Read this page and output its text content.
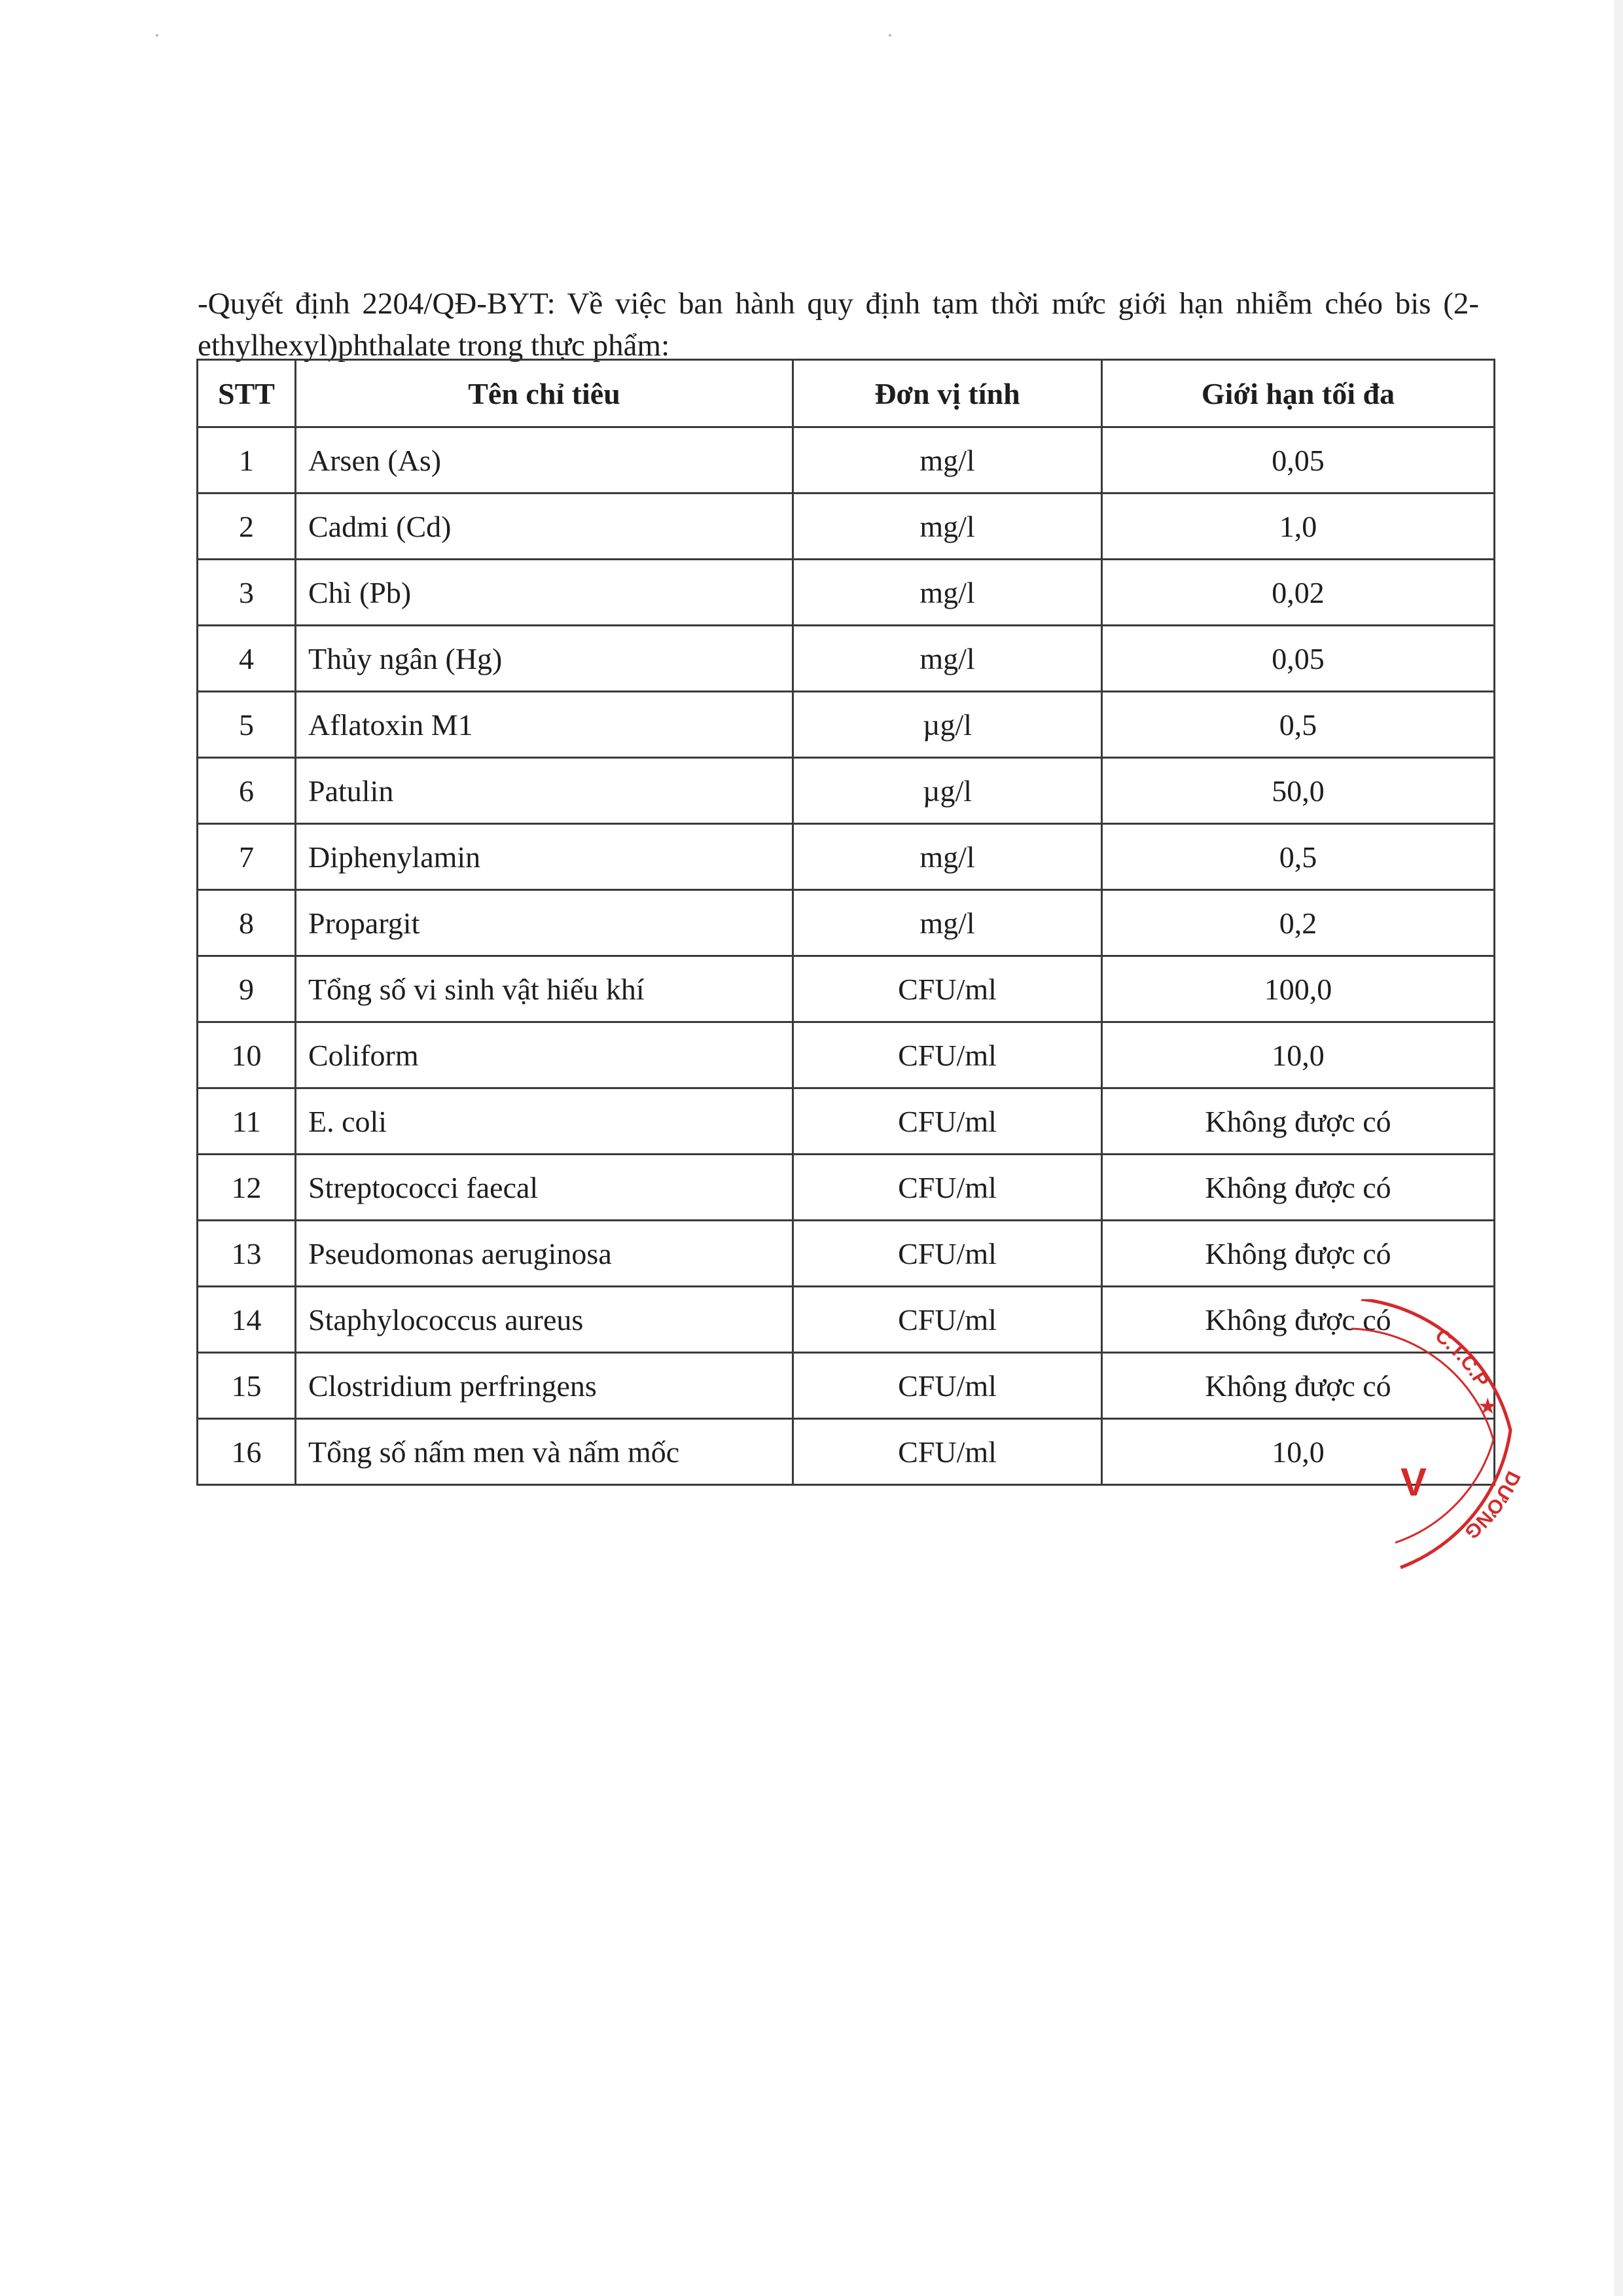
-Quyết định 2204/QĐ-BYT: Về việc ban hành quy định tạm thời mức giới hạn nhiễm chéo bis (2-ethylhexyl)phthalate trong thực phẩm:

STT	Tên chỉ tiêu	Đơn vị tính	Giới hạn tối đa
1	Arsen (As)	mg/l	0,05
2	Cadmi (Cd)	mg/l	1,0
3	Chì (Pb)	mg/l	0,02
4	Thủy ngân (Hg)	mg/l	0,05
5	Aflatoxin M1	µg/l	0,5
6	Patulin	µg/l	50,0
7	Diphenylamin	mg/l	0,5
8	Propargit	mg/l	0,2
9	Tổng số vi sinh vật hiếu khí	CFU/ml	100,0
10	Coliform	CFU/ml	10,0
11	E. coli	CFU/ml	Không được có
12	Streptococci faecal	CFU/ml	Không được có
13	Pseudomonas aeruginosa	CFU/ml	Không được có
14	Staphylococcus aureus	CFU/ml	Không được có
15	Clostridium perfringens	CFU/ml	Không được có
16	Tổng số nấm men và nấm mốc	CFU/ml	10,0
C.T.C.P
DƯƠNG
V
★
